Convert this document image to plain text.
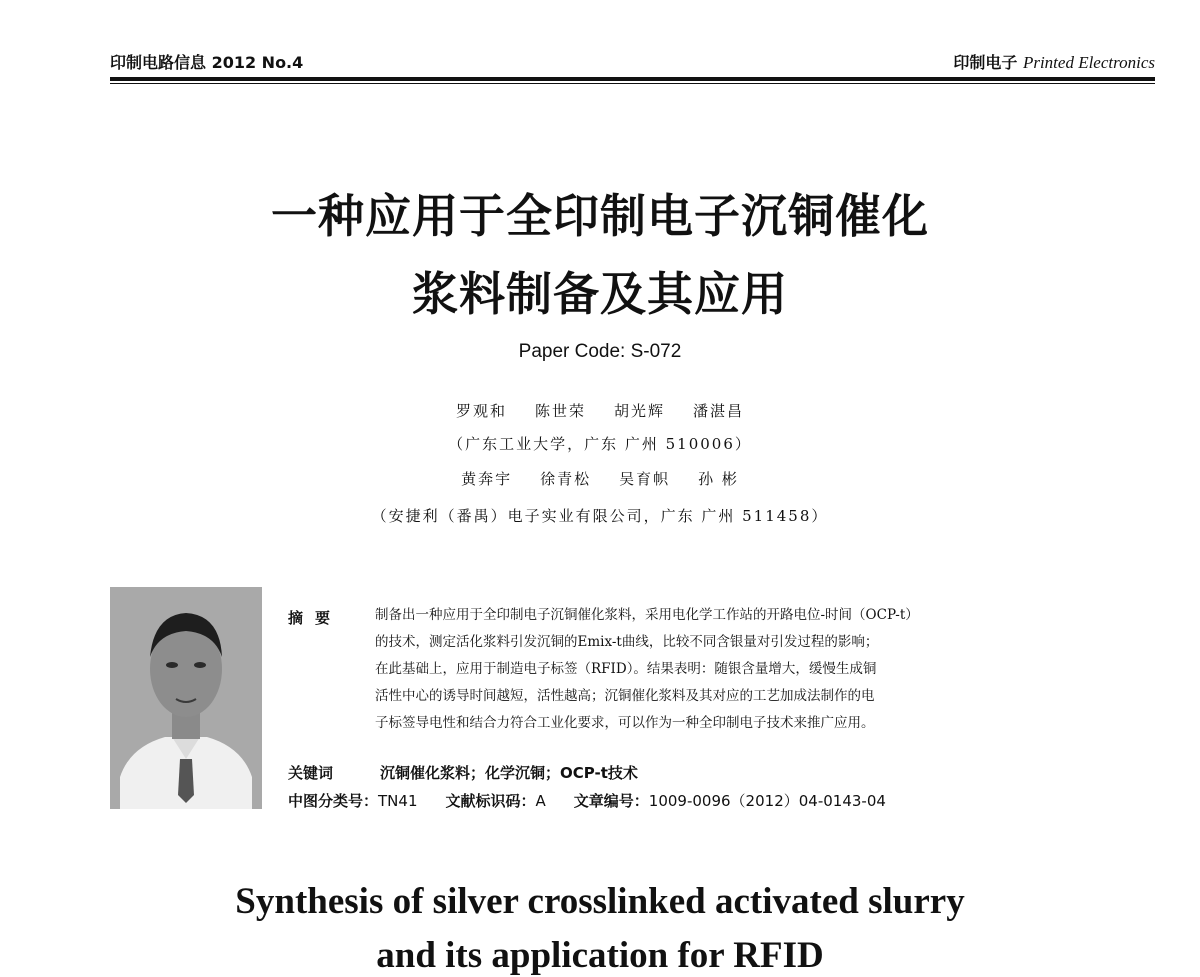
印制电路信息 2012 No.4	印制电子 Printed Electronics
一种应用于全印制电子沉铜催化
浆料制备及其应用
Paper Code: S-072
罗观和 陈世荣 胡光辉 潘湛昌
（广东工业大学，广东 广州 510006）
黄奔宇 徐青松 吴育帜 孙 彬
（安捷利（番禺）电子实业有限公司，广东 广州 511458）
摘要 制备出一种应用于全印制电子沉铜催化浆料，采用电化学工作站的开路电位-时间（OCP-t）
的技术，测定活化浆料引发沉铜的Emix-t曲线，比较不同含银量对引发过程的影响；
在此基础上，应用于制造电子标签（RFID）。结果表明：随银含量增大，缓慢生成铜
活性中心的诱导时间越短，活性越高；沉铜催化浆料及其对应的工艺加成法制作的电
子标签导电性和结合力符合工业化要求，可以作为一种全印制电子技术来推广应用。
关键词	沉铜催化浆料；化学沉铜；OCP-t技术
中图分类号：TN41 文献标识码：A 文章编号：1009-0096（2012）04-0143-04
Synthesis of silver crosslinked activated slurry
and its application for RFID
